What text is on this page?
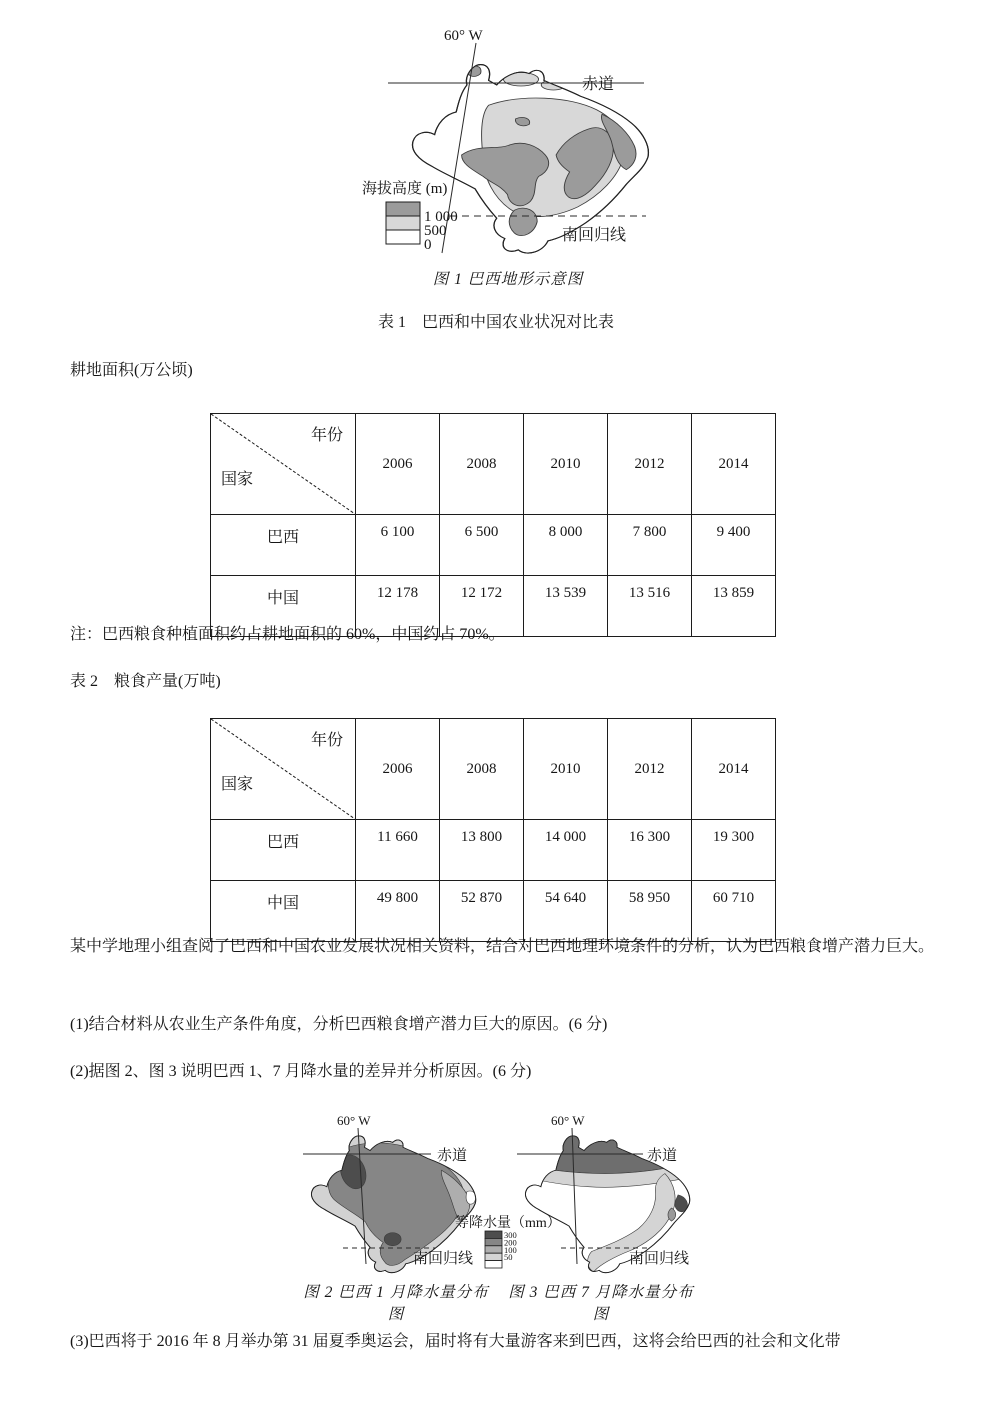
60° W
赤道
南回归线
海拔高度 (m)
1 000
500
0
图 1 巴西地形示意图
表 1　巴西和中国农业状况对比表
耕地面积(万公顷)
年份
国家	2006	2008	2010	2012	2014
巴西	6 100	6 500	8 000	7 800	9 400
中国	12 178	12 172	13 539	13 516	13 859
注：巴西粮食种植面积约占耕地面积的 60%，中国约占 70%。
表 2　粮食产量(万吨)
年份
国家	2006	2008	2010	2012	2014
巴西	11 660	13 800	14 000	16 300	19 300
中国	49 800	52 870	54 640	58 950	60 710
某中学地理小组查阅了巴西和中国农业发展状况相关资料，结合对巴西地理环境条件的分析，认为巴西粮食增产潜力巨大。
(1)结合材料从农业生产条件角度，分析巴西粮食增产潜力巨大的原因。(6 分)
(2)据图 2、图 3 说明巴西 1、7 月降水量的差异并分析原因。(6 分)
60° W
赤道
南回归线
60° W
赤道
南回归线
等降水量（mm）
300
200
100
50
图 2 巴西 1 月降水量分布图
图 3 巴西 7 月降水量分布图
(3)巴西将于 2016 年 8 月举办第 31 届夏季奥运会，届时将有大量游客来到巴西，这将会给巴西的社会和文化带
